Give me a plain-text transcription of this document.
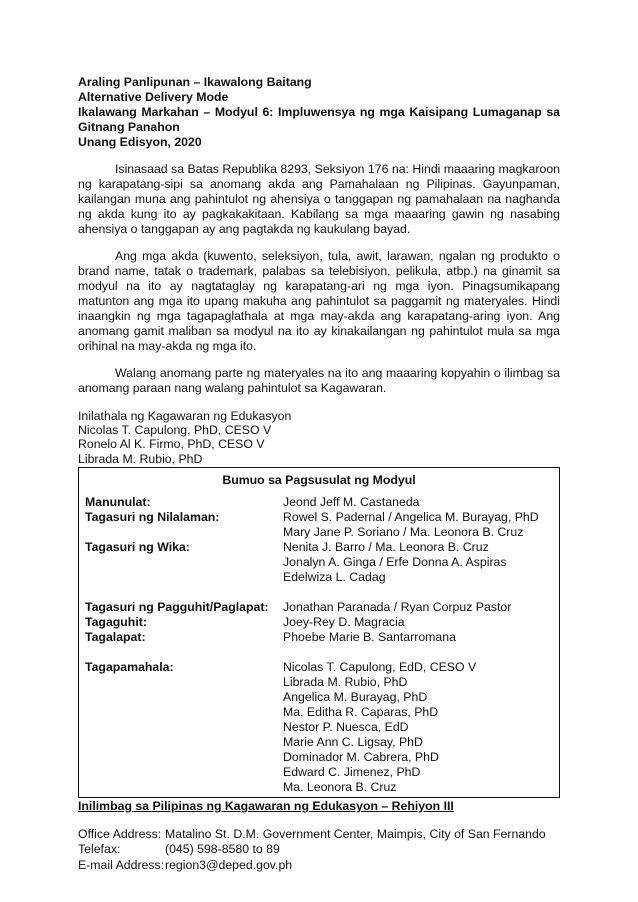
Araling Panlipunan – Ikawalong Baitang
Alternative Delivery Mode
Ikalawang Markahan – Modyul 6: Impluwensya ng mga Kaisipang Lumaganap sa Gitnang Panahon
Unang Edisyon, 2020

Isinasaad sa Batas Republika 8293, Seksiyon 176 na: Hindi maaaring magkaroon ng karapatang-sipi sa anomang akda ang Pamahalaan ng Pilipinas. Gayunpaman, kailangan muna ang pahintulot ng ahensiya o tanggapan ng pamahalaan na naghanda ng akda kung ito ay pagkakakitaan. Kabilang sa mga maaaring gawin ng nasabing ahensiya o tanggapan ay ang pagtakda ng kaukulang bayad.

Ang mga akda (kuwento, seleksiyon, tula, awit, larawan, ngalan ng produkto o brand name, tatak o trademark, palabas sa telebisiyon, pelikula, atbp.) na ginamit sa modyul na ito ay nagtataglay ng karapatang-ari ng mga iyon. Pinagsumikapang matunton ang mga ito upang makuha ang pahintulot sa paggamit ng materyales. Hindi inaangkin ng mga tagapaglathala at mga may-akda ang karapatang-aring iyon. Ang anomang gamit maliban sa modyul na ito ay kinakailangan ng pahintulot mula sa mga orihinal na may-akda ng mga ito.

Walang anomang parte ng materyales na ito ang maaaring kopyahin o ilimbag sa anomang paraan nang walang pahintulot sa Kagawaran.

Inilathala ng Kagawaran ng Edukasyon
Nicolas T. Capulong, PhD, CESO V
Ronelo Al K. Firmo, PhD, CESO V
Librada M. Rubio, PhD
Bumuo sa Pagsusulat ng Modyul
Manunulat:	Jeond Jeff M. Castaneda
Tagasuri ng Nilalaman:	Rowel S. Padernal / Angelica M. Burayag, PhD
Mary Jane P. Soriano / Ma. Leonora B. Cruz
Tagasuri ng Wika:	Nenita J. Barro / Ma. Leonora B. Cruz
Jonalyn A. Ginga / Erfe Donna A. Aspiras
Edelwiza L. Cadag
Tagasuri ng Pagguhit/Paglapat:	Jonathan Paranada / Ryan Corpuz Pastor
Tagaguhit:	Joey-Rey D. Magracia
Tagalapat:	Phoebe Marie B. Santarromana
Tagapamahala:	Nicolas T. Capulong, EdD, CESO V
Librada M. Rubio, PhD
Angelica M. Burayag, PhD
Ma. Editha R. Caparas, PhD
Nestor P. Nuesca, EdD
Marie Ann C. Ligsay, PhD
Dominador M. Cabrera, PhD
Edward C. Jimenez, PhD
Ma. Leonora B. Cruz
Inilimbag sa Pilipinas ng Kagawaran ng Edukasyon – Rehiyon III
Office Address: Matalino St. D.M. Government Center, Maimpis, City of San Fernando
Telefax:	(045) 598-8580 to 89
E-mail Address: region3@deped.gov.ph
